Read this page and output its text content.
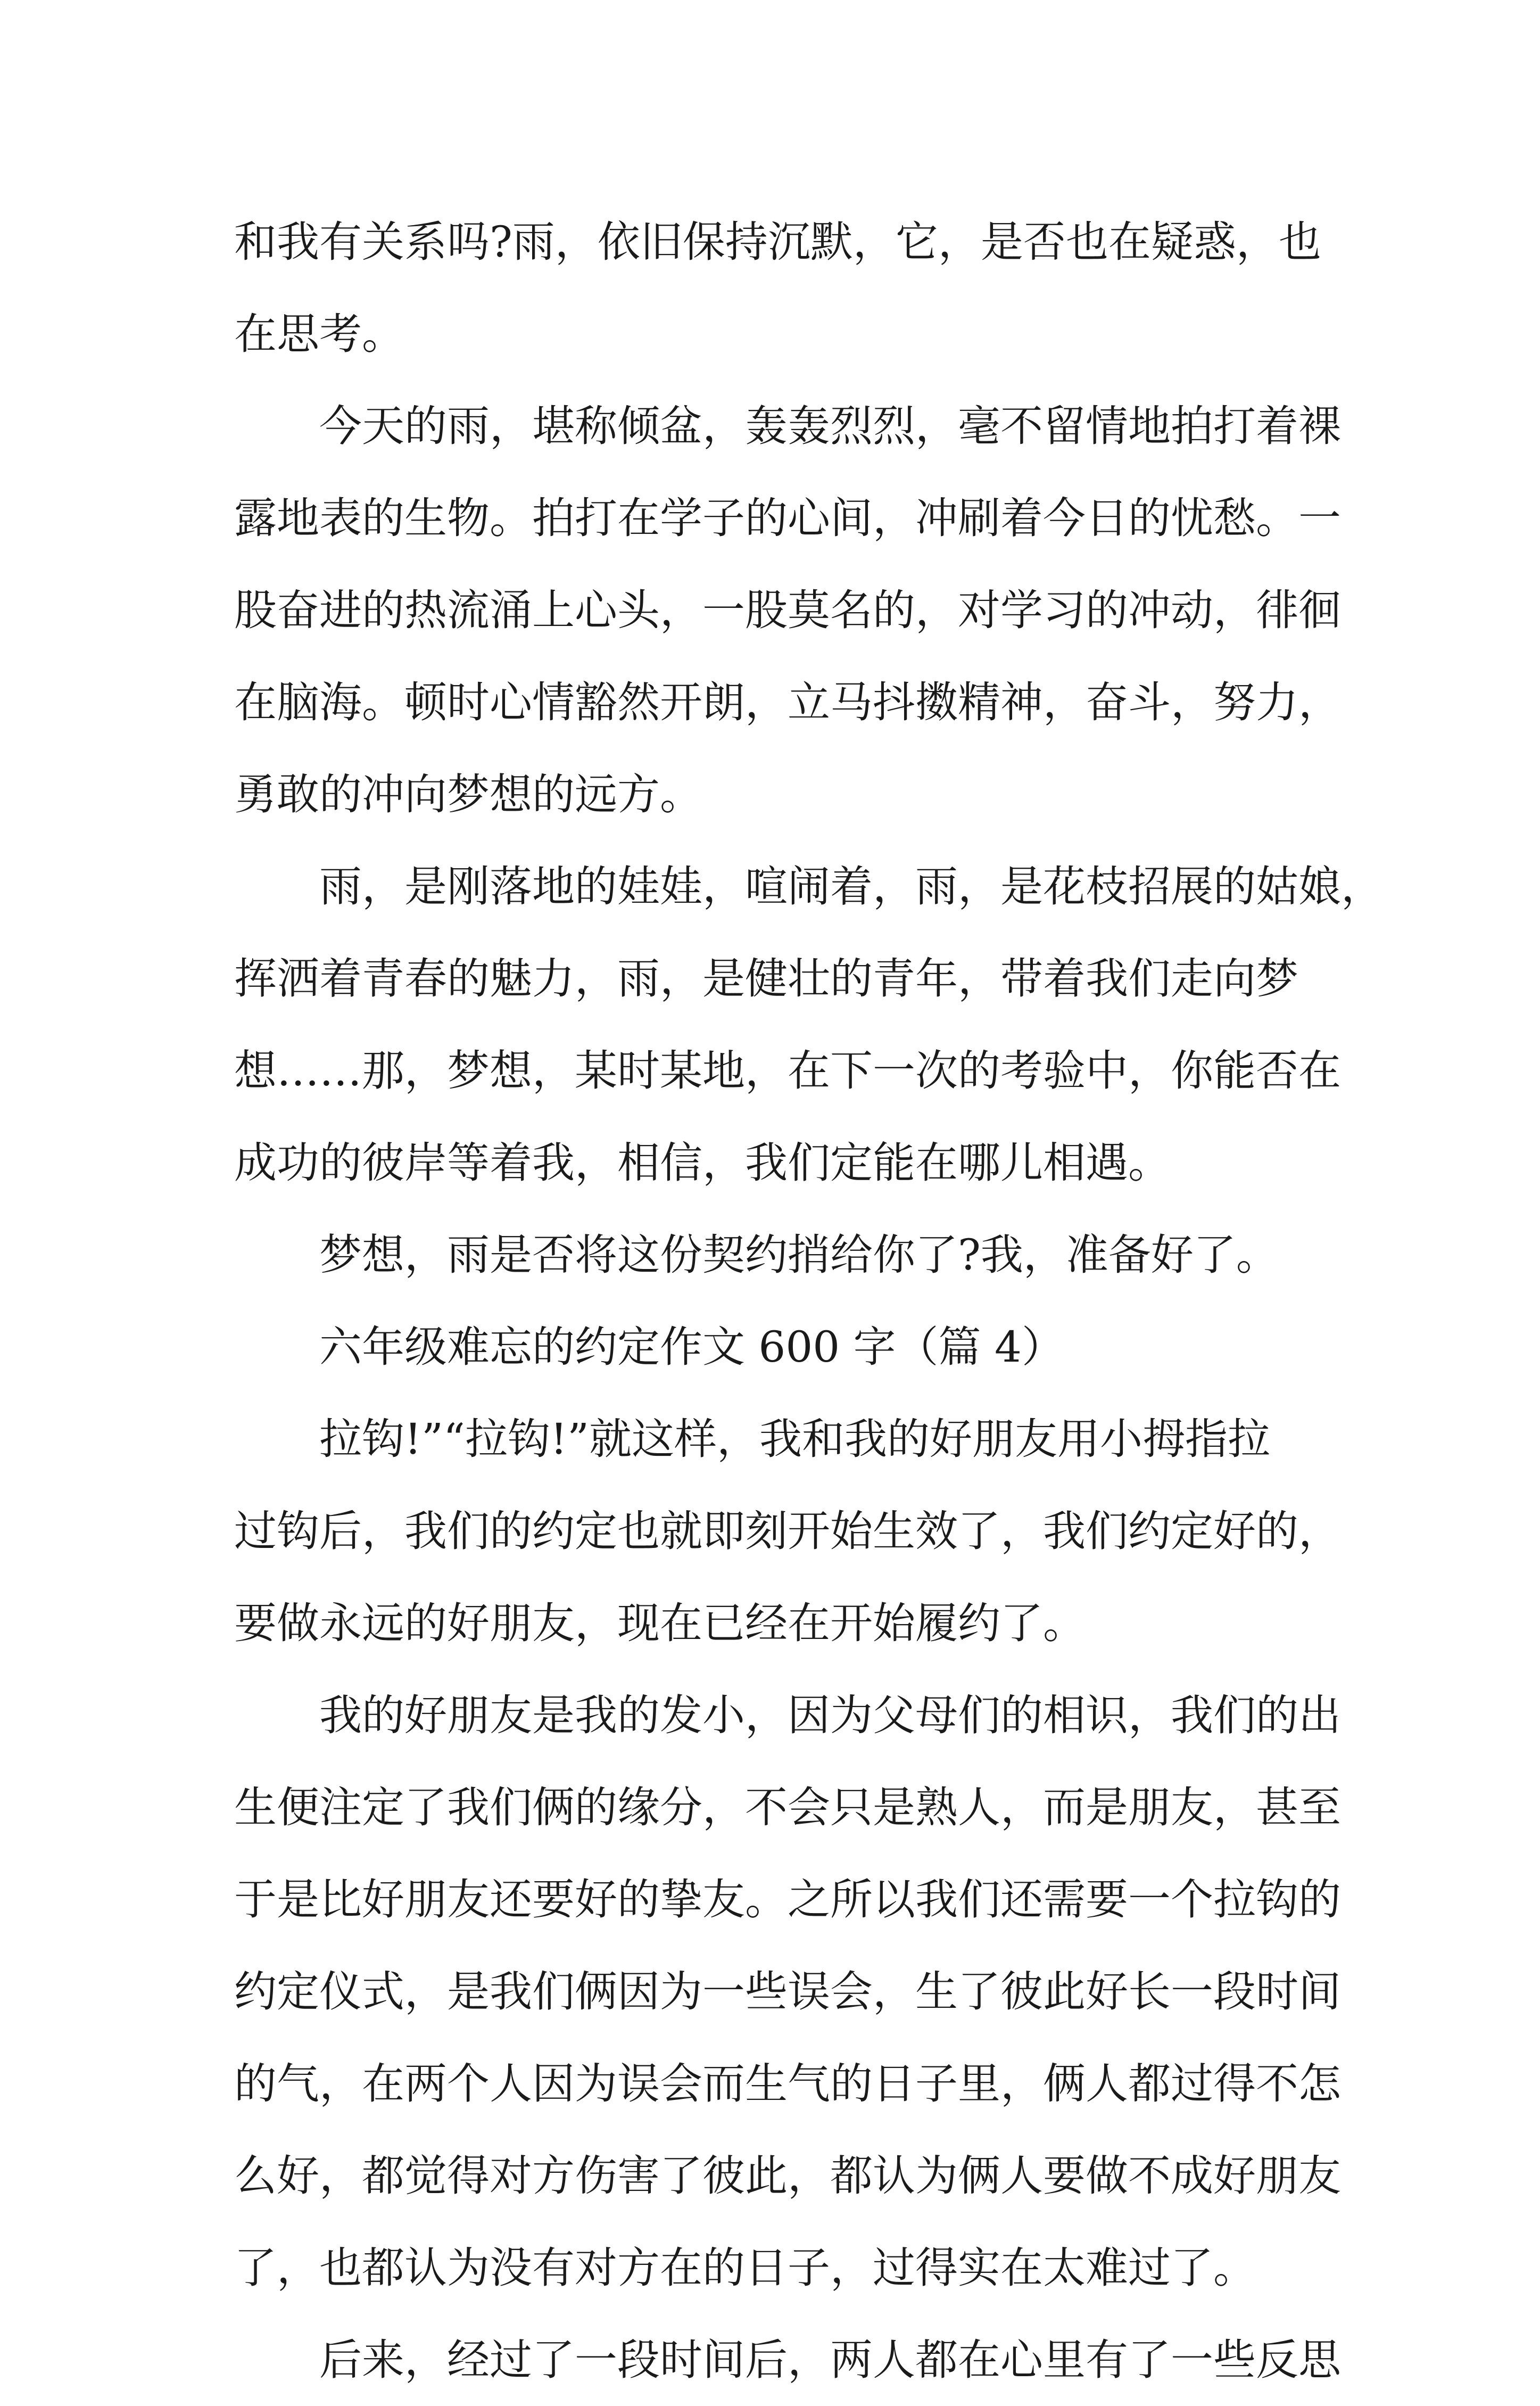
和我有关系吗?雨，依旧保持沉默，它，是否也在疑惑，也
在思考。
今天的雨，堪称倾盆，轰轰烈烈，毫不留情地拍打着裸
露地表的生物。拍打在学子的心间，冲刷着今日的忧愁。一
股奋进的热流涌上心头，一股莫名的，对学习的冲动，徘徊
在脑海。顿时心情豁然开朗，立马抖擞精神，奋斗，努力，
勇敢的冲向梦想的远方。
雨，是刚落地的娃娃，喧闹着，雨，是花枝招展的姑娘，
挥洒着青春的魅力，雨，是健壮的青年，带着我们走向梦
想……那，梦想，某时某地，在下一次的考验中，你能否在
成功的彼岸等着我，相信，我们定能在哪儿相遇。
梦想，雨是否将这份契约捎给你了?我，准备好了。
六年级难忘的约定作文 600 字（篇 4）
拉钩!”“拉钩!”就这样，我和我的好朋友用小拇指拉
过钩后，我们的约定也就即刻开始生效了，我们约定好的，
要做永远的好朋友，现在已经在开始履约了。
我的好朋友是我的发小，因为父母们的相识，我们的出
生便注定了我们俩的缘分，不会只是熟人，而是朋友，甚至
于是比好朋友还要好的挚友。之所以我们还需要一个拉钩的
约定仪式，是我们俩因为一些误会，生了彼此好长一段时间
的气，在两个人因为误会而生气的日子里，俩人都过得不怎
么好，都觉得对方伤害了彼此，都认为俩人要做不成好朋友
了，也都认为没有对方在的日子，过得实在太难过了。
后来，经过了一段时间后，两人都在心里有了一些反思
